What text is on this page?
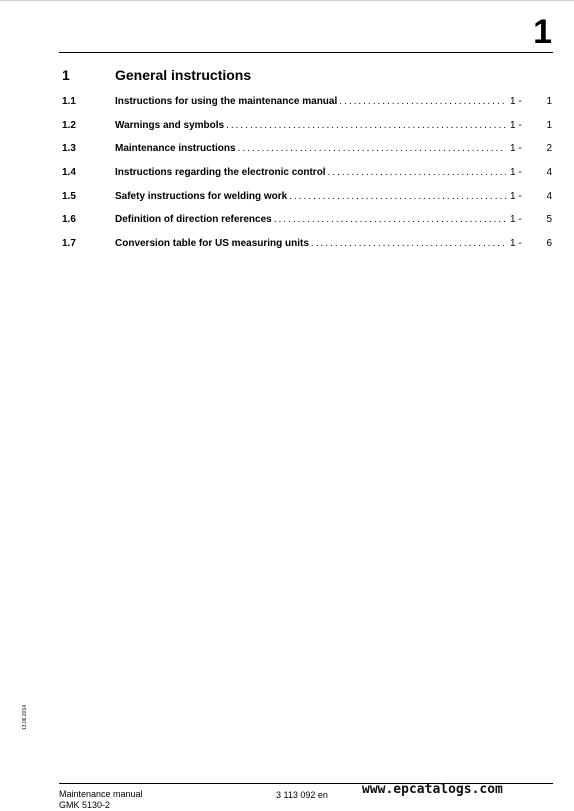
1
1	General instructions
1.1	Instructions for using the maintenance manual .....	1 -	1
1.2	Warnings and symbols .....	1 -	1
1.3	Maintenance instructions .....	1 -	2
1.4	Instructions regarding the electronic control .....	1 -	4
1.5	Safety instructions for welding work .....	1 -	4
1.6	Definition of direction references .....	1 -	5
1.7	Conversion table for US measuring units .....	1 -	6
13.06.2014
Maintenance manual
GMK 5130-2
3 113 092 en	www.epcatalogs.com
